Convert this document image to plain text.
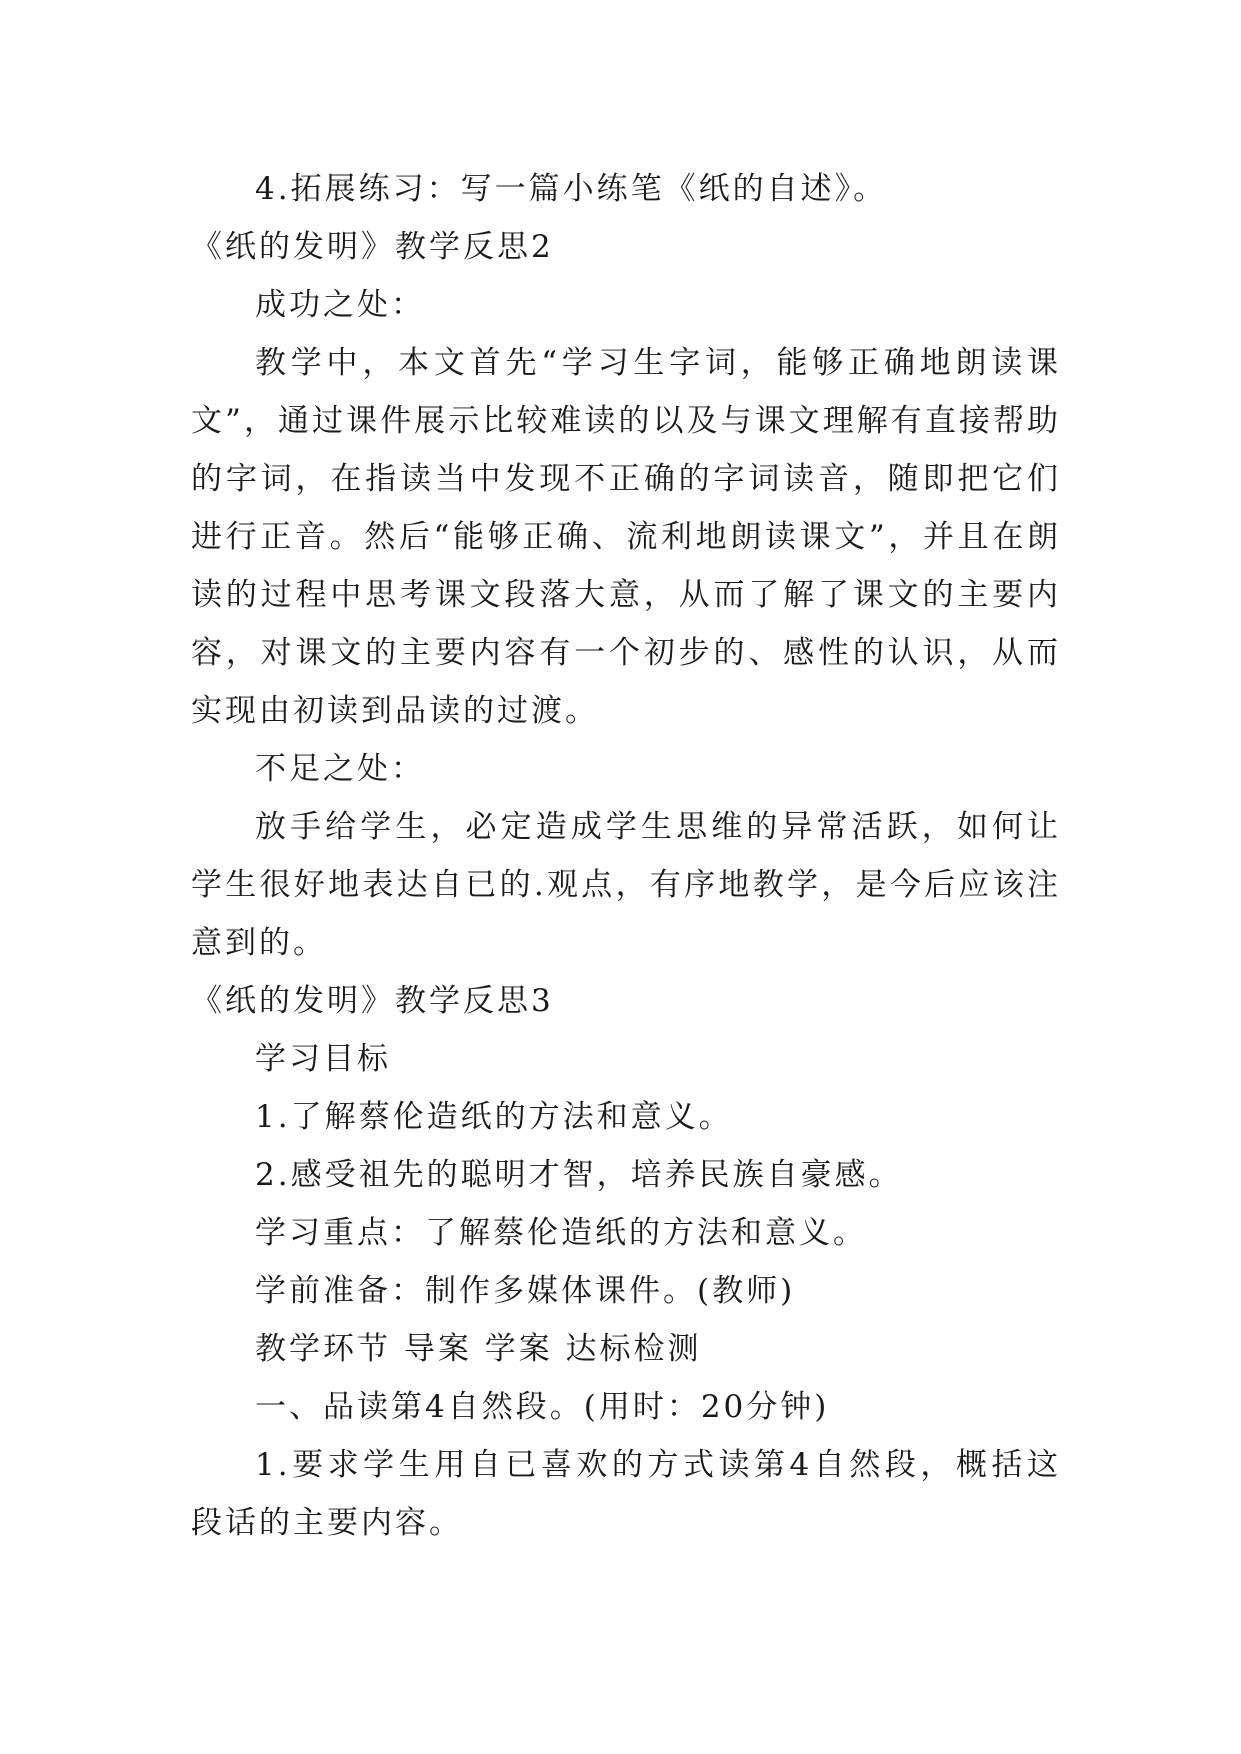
4.拓展练习：写一篇小练笔《纸的自述》。

《纸的发明》教学反思2

成功之处：

教学中，本文首先“学习生字词，能够正确地朗读课文”，通过课件展示比较难读的以及与课文理解有直接帮助的字词，在指读当中发现不正确的字词读音，随即把它们进行正音。然后“能够正确、流利地朗读课文”，并且在朗读的过程中思考课文段落大意，从而了解了课文的主要内容，对课文的主要内容有一个初步的、感性的认识，从而实现由初读到品读的过渡。

不足之处：

放手给学生，必定造成学生思维的异常活跃，如何让学生很好地表达自已的.观点，有序地教学，是今后应该注意到的。

《纸的发明》教学反思3

学习目标

1.了解蔡伦造纸的方法和意义。

2.感受祖先的聪明才智，培养民族自豪感。

学习重点：了解蔡伦造纸的方法和意义。

学前准备：制作多媒体课件。(教师)

教学环节 导案 学案 达标检测

一、品读第4自然段。(用时：20分钟)

1.要求学生用自已喜欢的方式读第4自然段，概括这段话的主要内容。
